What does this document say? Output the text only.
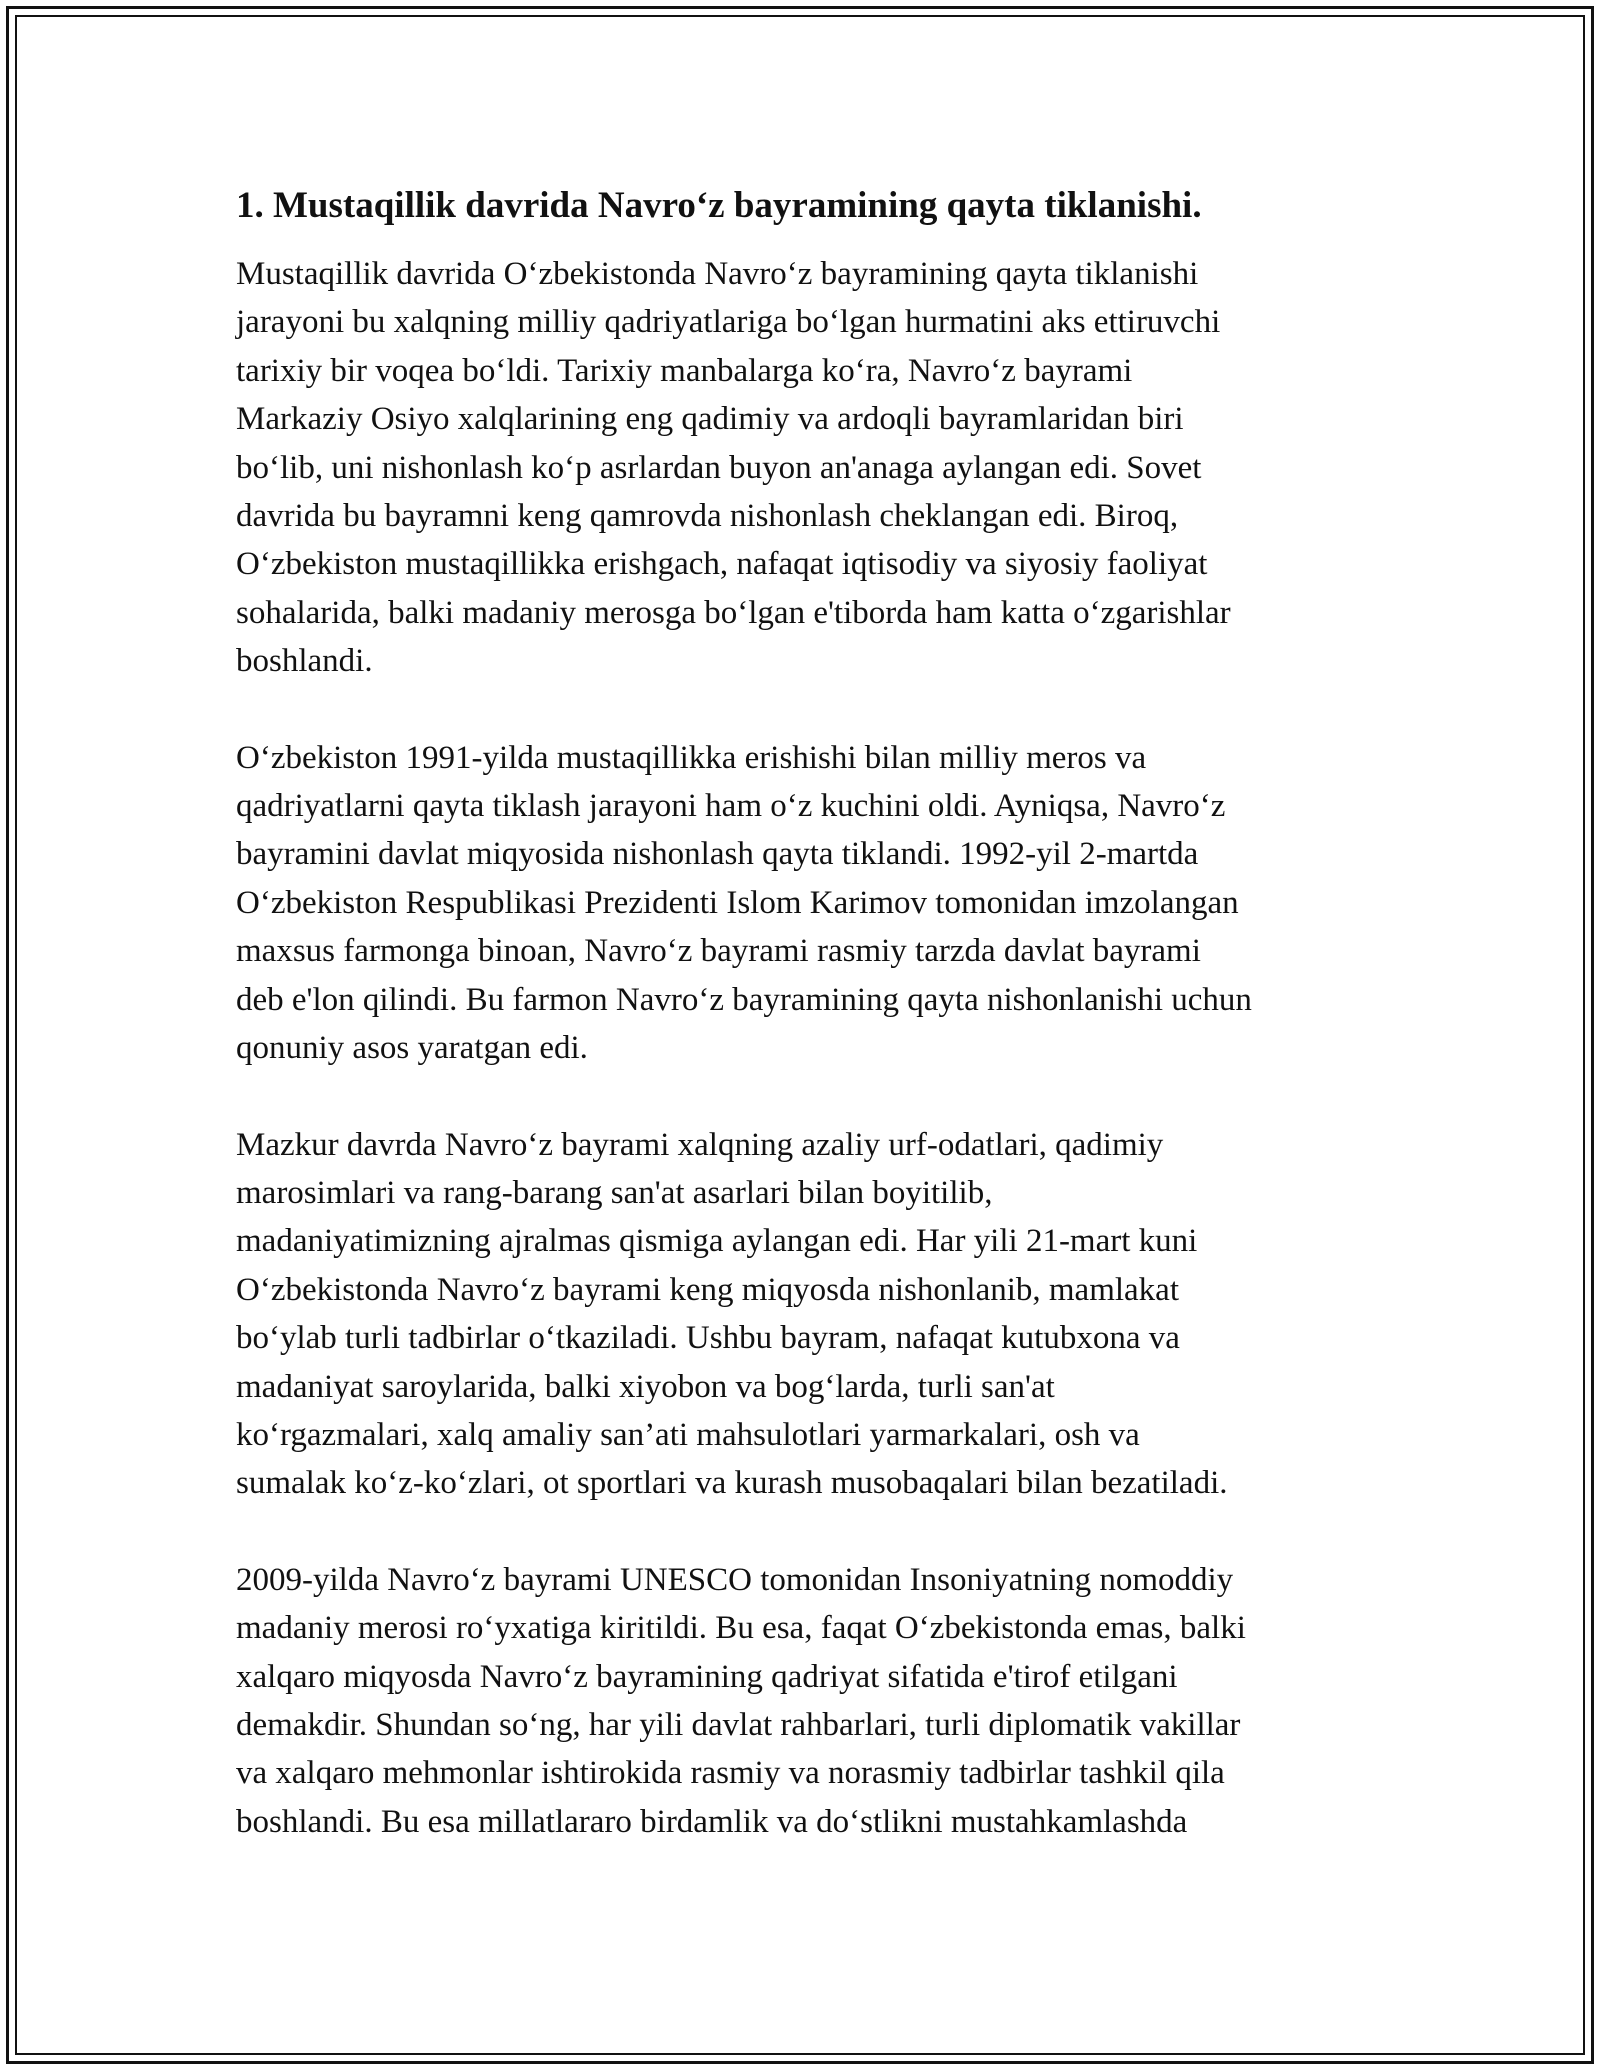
1. Mustaqillik davrida Navro‘z bayramining qayta tiklanishi.

Mustaqillik davrida O‘zbekistonda Navro‘z bayramining qayta tiklanishi
jarayoni bu xalqning milliy qadriyatlariga bo‘lgan hurmatini aks ettiruvchi
tarixiy bir voqea bo‘ldi. Tarixiy manbalarga ko‘ra, Navro‘z bayrami
Markaziy Osiyo xalqlarining eng qadimiy va ardoqli bayramlaridan biri
bo‘lib, uni nishonlash ko‘p asrlardan buyon an'anaga aylangan edi. Sovet
davrida bu bayramni keng qamrovda nishonlash cheklangan edi. Biroq,
O‘zbekiston mustaqillikka erishgach, nafaqat iqtisodiy va siyosiy faoliyat
sohalarida, balki madaniy merosga bo‘lgan e'tiborda ham katta o‘zgarishlar
boshlandi.

O‘zbekiston 1991-yilda mustaqillikka erishishi bilan milliy meros va
qadriyatlarni qayta tiklash jarayoni ham o‘z kuchini oldi. Ayniqsa, Navro‘z
bayramini davlat miqyosida nishonlash qayta tiklandi. 1992-yil 2-martda
O‘zbekiston Respublikasi Prezidenti Islom Karimov tomonidan imzolangan
maxsus farmonga binoan, Navro‘z bayrami rasmiy tarzda davlat bayrami
deb e'lon qilindi. Bu farmon Navro‘z bayramining qayta nishonlanishi uchun
qonuniy asos yaratgan edi.

Mazkur davrda Navro‘z bayrami xalqning azaliy urf-odatlari, qadimiy
marosimlari va rang-barang san'at asarlari bilan boyitilib,
madaniyatimizning ajralmas qismiga aylangan edi. Har yili 21-mart kuni
O‘zbekistonda Navro‘z bayrami keng miqyosda nishonlanib, mamlakat
bo‘ylab turli tadbirlar o‘tkaziladi. Ushbu bayram, nafaqat kutubxona va
madaniyat saroylarida, balki xiyobon va bog‘larda, turli san'at
ko‘rgazmalari, xalq amaliy san’ati mahsulotlari yarmarkalari, osh va
sumalak ko‘z-ko‘zlari, ot sportlari va kurash musobaqalari bilan bezatiladi.

2009-yilda Navro‘z bayrami UNESCO tomonidan Insoniyatning nomoddiy
madaniy merosi ro‘yxatiga kiritildi. Bu esa, faqat O‘zbekistonda emas, balki
xalqaro miqyosda Navro‘z bayramining qadriyat sifatida e'tirof etilgani
demakdir. Shundan so‘ng, har yili davlat rahbarlari, turli diplomatik vakillar
va xalqaro mehmonlar ishtirokida rasmiy va norasmiy tadbirlar tashkil qila
boshlandi. Bu esa millatlararo birdamlik va do‘stlikni mustahkamlashda
